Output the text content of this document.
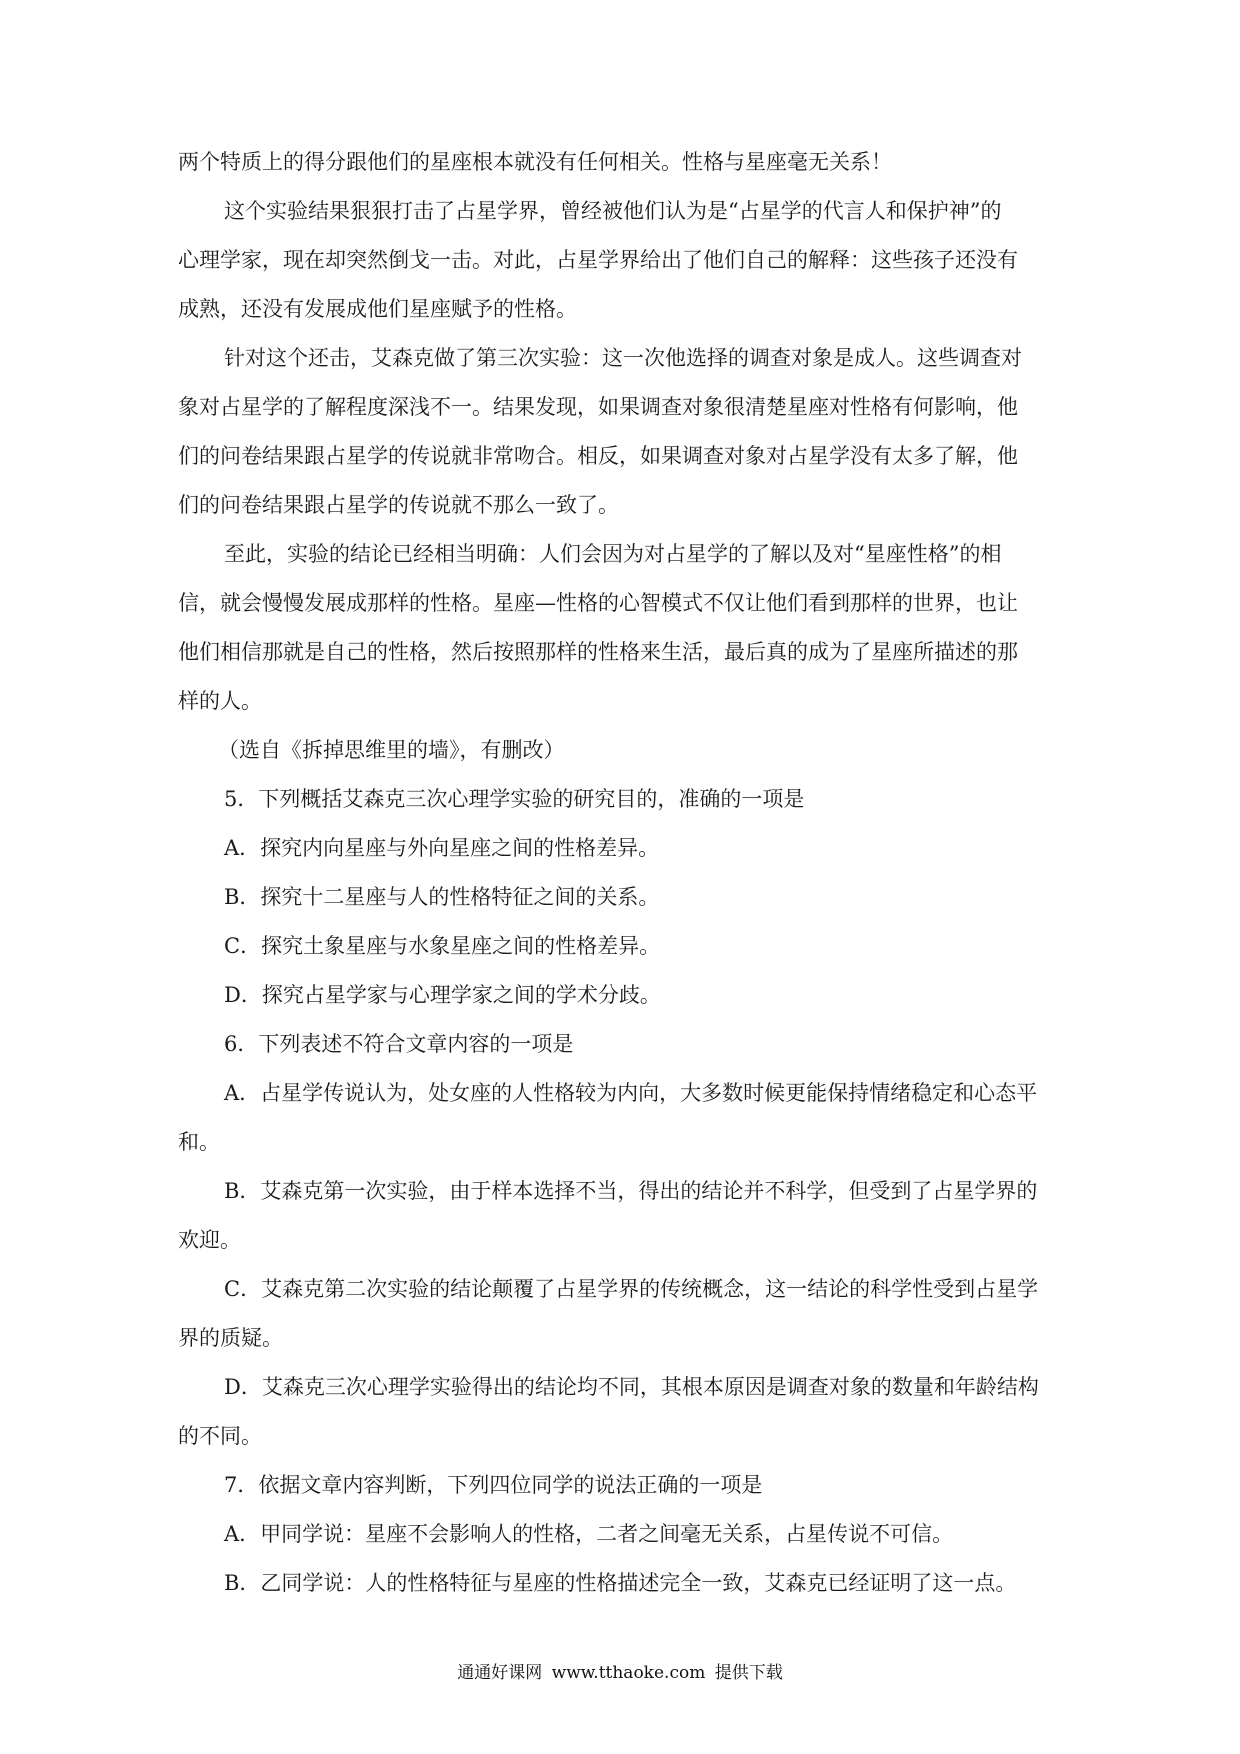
两个特质上的得分跟他们的星座根本就没有任何相关。性格与星座毫无关系！
这个实验结果狠狠打击了占星学界，曾经被他们认为是“占星学的代言人和保护神”的
心理学家，现在却突然倒戈一击。对此，占星学界给出了他们自己的解释：这些孩子还没有
成熟，还没有发展成他们星座赋予的性格。
针对这个还击，艾森克做了第三次实验：这一次他选择的调查对象是成人。这些调查对
象对占星学的了解程度深浅不一。结果发现，如果调查对象很清楚星座对性格有何影响，他
们的问卷结果跟占星学的传说就非常吻合。相反，如果调查对象对占星学没有太多了解，他
们的问卷结果跟占星学的传说就不那么一致了。
至此，实验的结论已经相当明确：人们会因为对占星学的了解以及对“星座性格”的相
信，就会慢慢发展成那样的性格。星座—性格的心智模式不仅让他们看到那样的世界，也让
他们相信那就是自己的性格，然后按照那样的性格来生活，最后真的成为了星座所描述的那
样的人。
（选自《拆掉思维里的墙》，有删改）
5．下列概括艾森克三次心理学实验的研究目的，准确的一项是
A．探究内向星座与外向星座之间的性格差异。
B．探究十二星座与人的性格特征之间的关系。
C．探究土象星座与水象星座之间的性格差异。
D．探究占星学家与心理学家之间的学术分歧。
6．下列表述不符合文章内容的一项是
A．占星学传说认为，处女座的人性格较为内向，大多数时候更能保持情绪稳定和心态平
和。
B．艾森克第一次实验，由于样本选择不当，得出的结论并不科学，但受到了占星学界的
欢迎。
C．艾森克第二次实验的结论颠覆了占星学界的传统概念，这一结论的科学性受到占星学
界的质疑。
D．艾森克三次心理学实验得出的结论均不同，其根本原因是调查对象的数量和年龄结构
的不同。
7．依据文章内容判断，下列四位同学的说法正确的一项是
A．甲同学说：星座不会影响人的性格，二者之间毫无关系，占星传说不可信。
B．乙同学说：人的性格特征与星座的性格描述完全一致，艾森克已经证明了这一点。
通通好课网 www.tthaoke.com 提供下载
